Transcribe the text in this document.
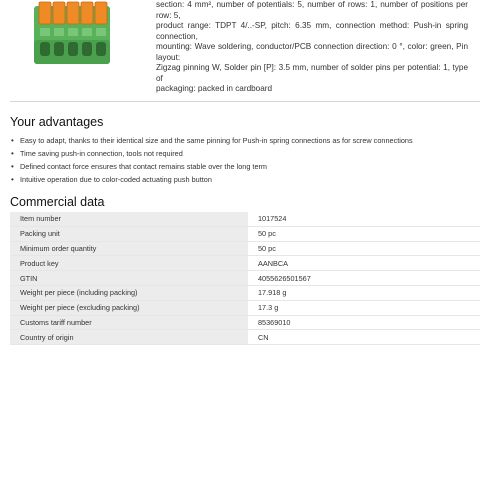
section: 4 mm², number of potentials: 5, number of rows: 1, number of positions per row: 5,

product range: TDPT 4/..-SP, pitch: 6.35 mm, connection method: Push-in spring connection,

mounting: Wave soldering, conductor/PCB connection direction: 0 °, color: green, Pin layout:

Zigzag pinning W, Solder pin [P]: 3.5 mm, number of solder pins per potential: 1, type of

packaging: packed in cardboard

Your advantages
• Easy to adapt, thanks to their identical size and the same pinning for Push-in spring connections as for screw connections
• Time saving push-in connection, tools not required
• Defined contact force ensures that contact remains stable over the long term
• Intuitive operation due to color-coded actuating push button
Commercial data
Item number	1017524
Packing unit	50 pc
Minimum order quantity	50 pc
Product key	AANBCA
GTIN	4055626501567
Weight per piece (including packing)	17.918 g
Weight per piece (excluding packing)	17.3 g
Customs tariff number	85369010
Country of origin	CN
